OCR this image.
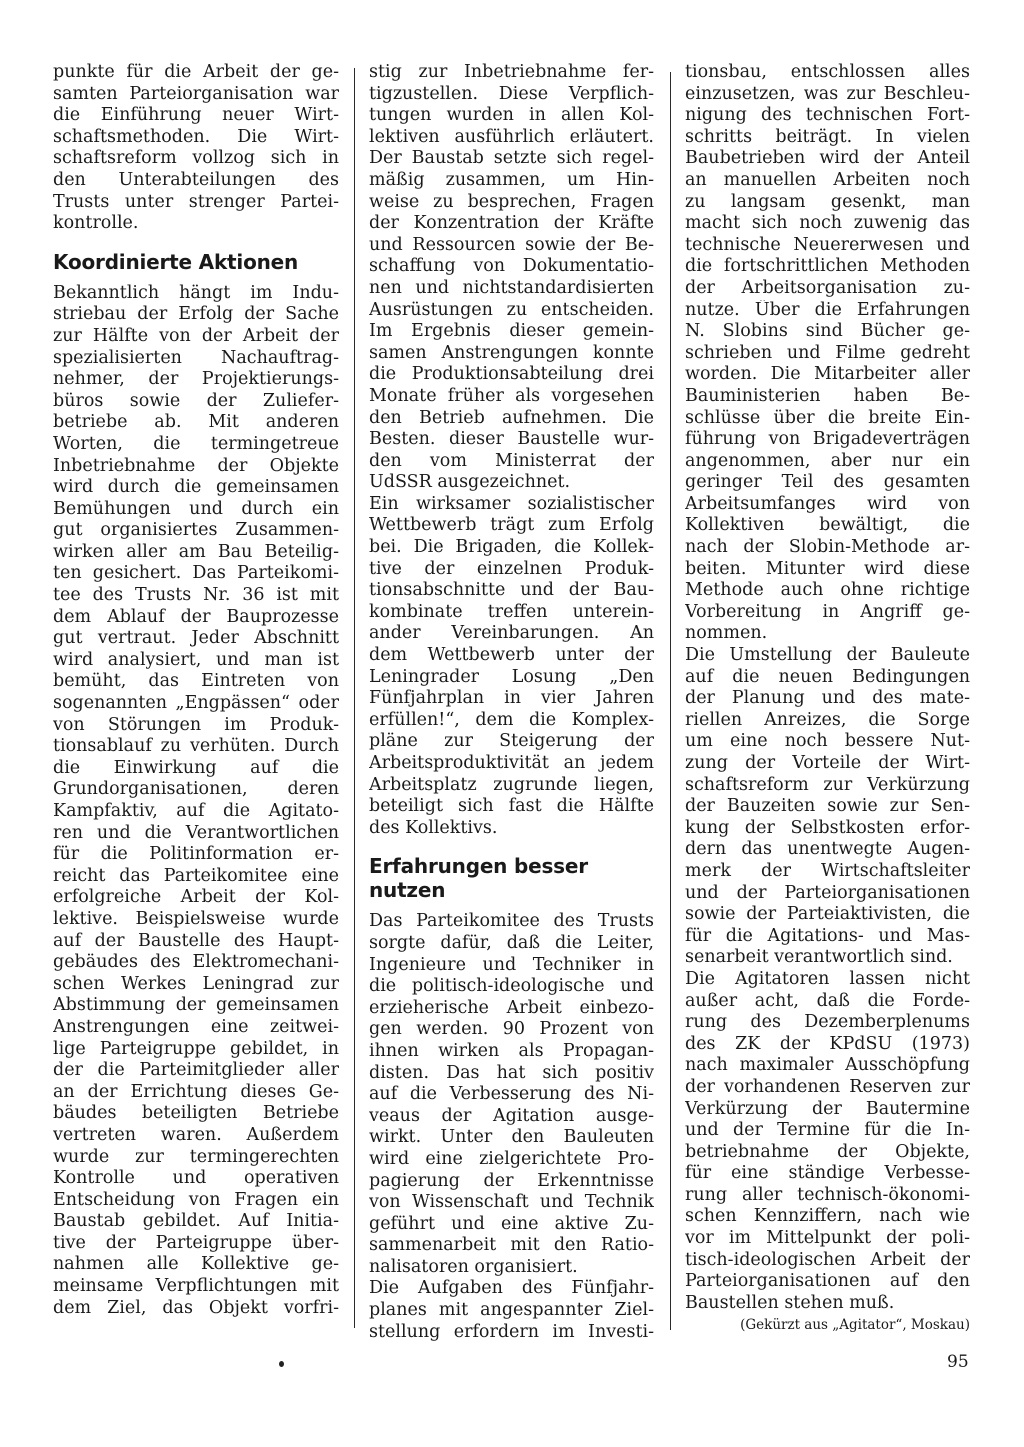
punkte für die Arbeit der ge-
samten Parteiorganisation war
die Einführung neuer Wirt-
schaftsmethoden. Die Wirt-
schaftsreform vollzog sich in
den Unterabteilungen des
Trusts unter strenger Partei-
kontrolle.
Koordinierte Aktionen
Bekanntlich hängt im Indu-
striebau der Erfolg der Sache
zur Hälfte von der Arbeit der
spezialisierten Nachauftrag-
nehmer, der Projektierungs-
büros sowie der Zuliefer-
betriebe ab. Mit anderen
Worten, die termingetreue
Inbetriebnahme der Objekte
wird durch die gemeinsamen
Bemühungen und durch ein
gut organisiertes Zusammen-
wirken aller am Bau Beteilig-
ten gesichert. Das Parteikomi-
tee des Trusts Nr. 36 ist mit
dem Ablauf der Bauprozesse
gut vertraut. Jeder Abschnitt
wird analysiert, und man ist
bemüht, das Eintreten von
sogenannten „Engpässen“ oder
von Störungen im Produk-
tionsablauf zu verhüten. Durch
die Einwirkung auf die
Grundorganisationen, deren
Kampfaktiv, auf die Agitato-
ren und die Verantwortlichen
für die Politinformation er-
reicht das Parteikomitee eine
erfolgreiche Arbeit der Kol-
lektive. Beispielsweise wurde
auf der Baustelle des Haupt-
gebäudes des Elektromechani-
schen Werkes Leningrad zur
Abstimmung der gemeinsamen
Anstrengungen eine zeitwei-
lige Parteigruppe gebildet, in
der die Parteimitglieder aller
an der Errichtung dieses Ge-
bäudes beteiligten Betriebe
vertreten waren. Außerdem
wurde zur termingerechten
Kontrolle und operativen
Entscheidung von Fragen ein
Baustab gebildet. Auf Initia-
tive der Parteigruppe über-
nahmen alle Kollektive ge-
meinsame Verpflichtungen mit
dem Ziel, das Objekt vorfri-
stig zur Inbetriebnahme fer-
tigzustellen. Diese Verpflich-
tungen wurden in allen Kol-
lektiven ausführlich erläutert.
Der Baustab setzte sich regel-
mäßig zusammen, um Hin-
weise zu besprechen, Fragen
der Konzentration der Kräfte
und Ressourcen sowie der Be-
schaffung von Dokumentatio-
nen und nichtstandardisierten
Ausrüstungen zu entscheiden.
Im Ergebnis dieser gemein-
samen Anstrengungen konnte
die Produktionsabteilung drei
Monate früher als vorgesehen
den Betrieb aufnehmen. Die
Besten. dieser Baustelle wur-
den vom Ministerrat der
UdSSR ausgezeichnet.
Ein wirksamer sozialistischer
Wettbewerb trägt zum Erfolg
bei. Die Brigaden, die Kollek-
tive der einzelnen Produk-
tionsabschnitte und der Bau-
kombinate treffen unterein-
ander Vereinbarungen. An
dem Wettbewerb unter der
Leningrader Losung „Den
Fünfjahrplan in vier Jahren
erfüllen!“, dem die Komplex-
pläne zur Steigerung der
Arbeitsproduktivität an jedem
Arbeitsplatz zugrunde liegen,
beteiligt sich fast die Hälfte
des Kollektivs.
Erfahrungen besser nutzen
Das Parteikomitee des Trusts
sorgte dafür, daß die Leiter,
Ingenieure und Techniker in
die politisch-ideologische und
erzieherische Arbeit einbezo-
gen werden. 90 Prozent von
ihnen wirken als Propagan-
disten. Das hat sich positiv
auf die Verbesserung des Ni-
veaus der Agitation ausge-
wirkt. Unter den Bauleuten
wird eine zielgerichtete Pro-
pagierung der Erkenntnisse
von Wissenschaft und Technik
geführt und eine aktive Zu-
sammenarbeit mit den Ratio-
nalisatoren organisiert.
Die Aufgaben des Fünfjahr-
planes mit angespannter Ziel-
stellung erfordern im Investi-
tionsbau, entschlossen alles
einzusetzen, was zur Beschleu-
nigung des technischen Fort-
schritts beiträgt. In vielen
Baubetrieben wird der Anteil
an manuellen Arbeiten noch
zu langsam gesenkt, man
macht sich noch zuwenig das
technische Neuererwesen und
die fortschrittlichen Methoden
der Arbeitsorganisation zu-
nutze. Über die Erfahrungen
N. Slobins sind Bücher ge-
schrieben und Filme gedreht
worden. Die Mitarbeiter aller
Bauministerien haben Be-
schlüsse über die breite Ein-
führung von Brigadeverträgen
angenommen, aber nur ein
geringer Teil des gesamten
Arbeitsumfanges wird von
Kollektiven bewältigt, die
nach der Slobin-Methode ar-
beiten. Mitunter wird diese
Methode auch ohne richtige
Vorbereitung in Angriff ge-
nommen.
Die Umstellung der Bauleute
auf die neuen Bedingungen
der Planung und des mate-
riellen Anreizes, die Sorge
um eine noch bessere Nut-
zung der Vorteile der Wirt-
schaftsreform zur Verkürzung
der Bauzeiten sowie zur Sen-
kung der Selbstkosten erfor-
dern das unentwegte Augen-
merk der Wirtschaftsleiter
und der Parteiorganisationen
sowie der Parteiaktivisten, die
für die Agitations- und Mas-
senarbeit verantwortlich sind.
Die Agitatoren lassen nicht
außer acht, daß die Forde-
rung des Dezemberplenums
des ZK der KPdSU (1973)
nach maximaler Ausschöpfung
der vorhandenen Reserven zur
Verkürzung der Bautermine
und der Termine für die In-
betriebnahme der Objekte,
für eine ständige Verbesse-
rung aller technisch-ökonomi-
schen Kennziffern, nach wie
vor im Mittelpunkt der poli-
tisch-ideologischen Arbeit der
Parteiorganisationen auf den
Baustellen stehen muß.
(Gekürzt aus „Agitator“, Moskau)
95
